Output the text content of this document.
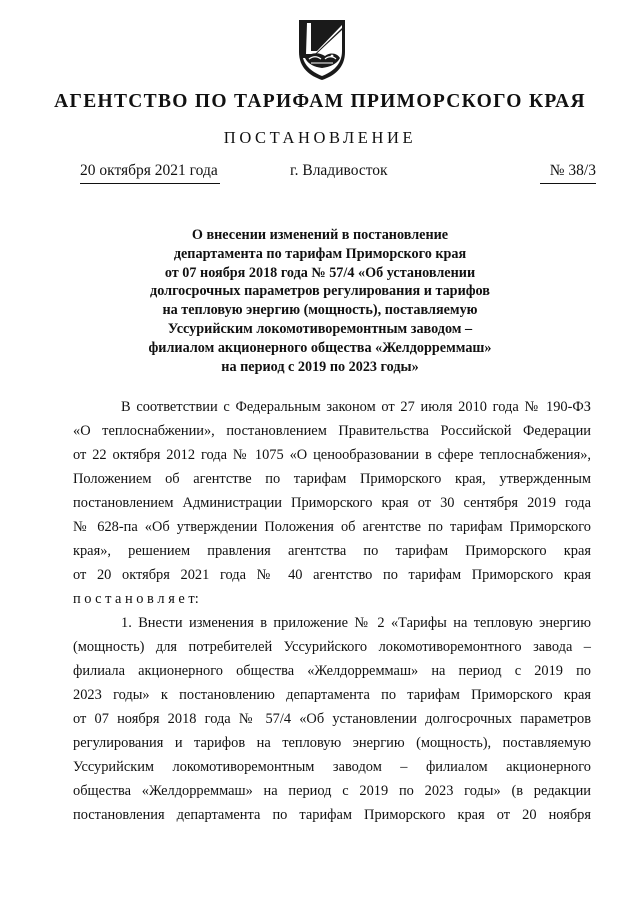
АГЕНТСТВО ПО ТАРИФАМ ПРИМОРСКОГО КРАЯ
ПОСТАНОВЛЕНИЕ
20 октября 2021 года	г. Владивосток	№ 38/3
О внесении изменений в постановление
департамента по тарифам Приморского края
от 07 ноября 2018 года № 57/4 «Об установлении
долгосрочных параметров регулирования и тарифов
на тепловую энергию (мощность), поставляемую
Уссурийским локомотиворемонтным заводом –
филиалом акционерного общества «Желдорреммаш»
на период с 2019 по 2023 годы»
В соответствии с Федеральным законом от 27 июля 2010 года № 190-ФЗ
«О теплоснабжении», постановлением Правительства Российской Федерации
от 22 октября 2012 года № 1075 «О ценообразовании в сфере теплоснабжения»,
Положением об агентстве по тарифам Приморского края, утвержденным
постановлением Администрации Приморского края от 30 сентября 2019 года
№ 628-па «Об утверждении Положения об агентстве по тарифам Приморского
края», решением правления агентства по тарифам Приморского края
от 20 октября 2021 года № 40 агентство по тарифам Приморского края
п о с т а н о в л я е т:
1. Внести изменения в приложение № 2 «Тарифы на тепловую энергию
(мощность) для потребителей Уссурийского локомотиворемонтного завода –
филиала акционерного общества «Желдорреммаш» на период с 2019 по
2023 годы» к постановлению департамента по тарифам Приморского края
от 07 ноября 2018 года № 57/4 «Об установлении долгосрочных параметров
регулирования и тарифов на тепловую энергию (мощность), поставляемую
Уссурийским локомотиворемонтным заводом – филиалом акционерного
общества «Желдорреммаш» на период с 2019 по 2023 годы» (в редакции
постановления департамента по тарифам Приморского края от 20 ноября
